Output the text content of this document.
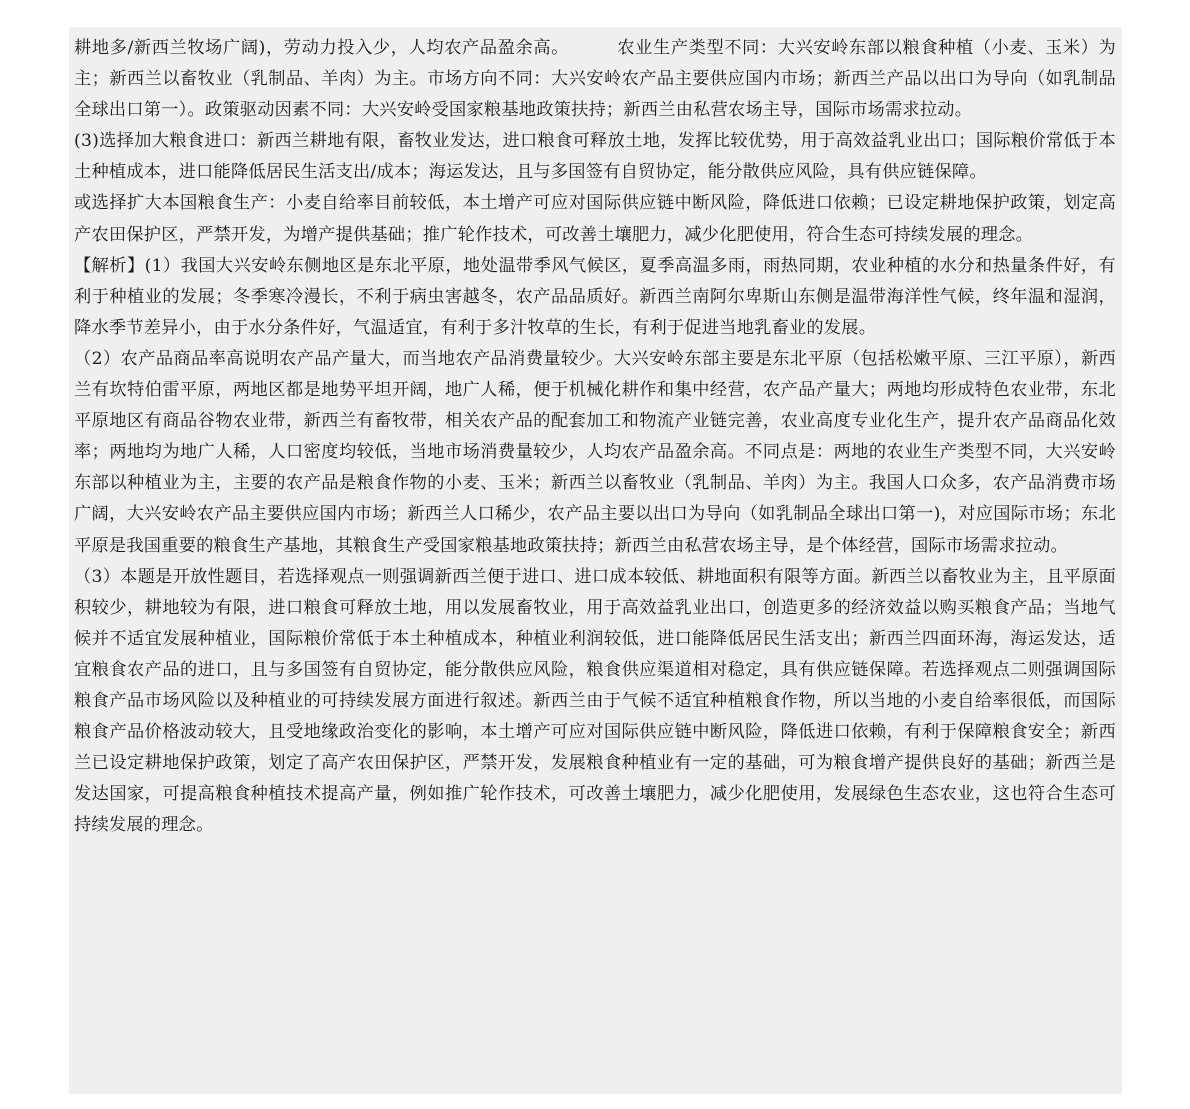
耕地多/新西兰牧场广阔)，劳动力投入少，人均农产品盈余高。	农业生产类型不同：大兴安岭东部以粮食种植（小麦、玉米）为主；新西兰以畜牧业（乳制品、羊肉）为主。市场方向不同：大兴安岭农产品主要供应国内市场；新西兰产品以出口为导向（如乳制品全球出口第一）。政策驱动因素不同：大兴安岭受国家粮基地政策扶持；新西兰由私营农场主导，国际市场需求拉动。

(3)选择加大粮食进口：新西兰耕地有限，畜牧业发达，进口粮食可释放土地，发挥比较优势，用于高效益乳业出口；国际粮价常低于本土种植成本，进口能降低居民生活支出/成本；海运发达，且与多国签有自贸协定，能分散供应风险，具有供应链保障。

或选择扩大本国粮食生产：小麦自给率目前较低，本土增产可应对国际供应链中断风险，降低进口依赖；已设定耕地保护政策，划定高产农田保护区，严禁开发，为增产提供基础；推广轮作技术，可改善土壤肥力，减少化肥使用，符合生态可持续发展的理念。

【解析】(1）我国大兴安岭东侧地区是东北平原，地处温带季风气候区，夏季高温多雨，雨热同期，农业种植的水分和热量条件好，有利于种植业的发展；冬季寒冷漫长，不利于病虫害越冬，农产品品质好。新西兰南阿尔卑斯山东侧是温带海洋性气候，终年温和湿润，降水季节差异小，由于水分条件好，气温适宜，有利于多汁牧草的生长，有利于促进当地乳畜业的发展。

（2）农产品商品率高说明农产品产量大，而当地农产品消费量较少。大兴安岭东部主要是东北平原（包括松嫩平原、三江平原），新西兰有坎特伯雷平原，两地区都是地势平坦开阔，地广人稀，便于机械化耕作和集中经营，农产品产量大；两地均形成特色农业带，东北平原地区有商品谷物农业带，新西兰有畜牧带，相关农产品的配套加工和物流产业链完善，农业高度专业化生产，提升农产品商品化效率；两地均为地广人稀，人口密度均较低，当地市场消费量较少，人均农产品盈余高。不同点是：两地的农业生产类型不同，大兴安岭东部以种植业为主，主要的农产品是粮食作物的小麦、玉米；新西兰以畜牧业（乳制品、羊肉）为主。我国人口众多，农产品消费市场广阔，大兴安岭农产品主要供应国内市场；新西兰人口稀少，农产品主要以出口为导向（如乳制品全球出口第一)，对应国际市场；东北平原是我国重要的粮食生产基地，其粮食生产受国家粮基地政策扶持；新西兰由私营农场主导，是个体经营，国际市场需求拉动。

（3）本题是开放性题目，若选择观点一则强调新西兰便于进口、进口成本较低、耕地面积有限等方面。新西兰以畜牧业为主，且平原面积较少，耕地较为有限，进口粮食可释放土地，用以发展畜牧业，用于高效益乳业出口，创造更多的经济效益以购买粮食产品；当地气候并不适宜发展种植业，国际粮价常低于本土种植成本，种植业利润较低，进口能降低居民生活支出；新西兰四面环海，海运发达，适宜粮食农产品的进口，且与多国签有自贸协定，能分散供应风险，粮食供应渠道相对稳定，具有供应链保障。若选择观点二则强调国际粮食产品市场风险以及种植业的可持续发展方面进行叙述。新西兰由于气候不适宜种植粮食作物，所以当地的小麦自给率很低，而国际粮食产品价格波动较大，且受地缘政治变化的影响，本土增产可应对国际供应链中断风险，降低进口依赖，有利于保障粮食安全；新西兰已设定耕地保护政策，划定了高产农田保护区，严禁开发，发展粮食种植业有一定的基础，可为粮食增产提供良好的基础；新西兰是发达国家，可提高粮食种植技术提高产量，例如推广轮作技术，可改善土壤肥力，减少化肥使用，发展绿色生态农业，这也符合生态可持续发展的理念。
